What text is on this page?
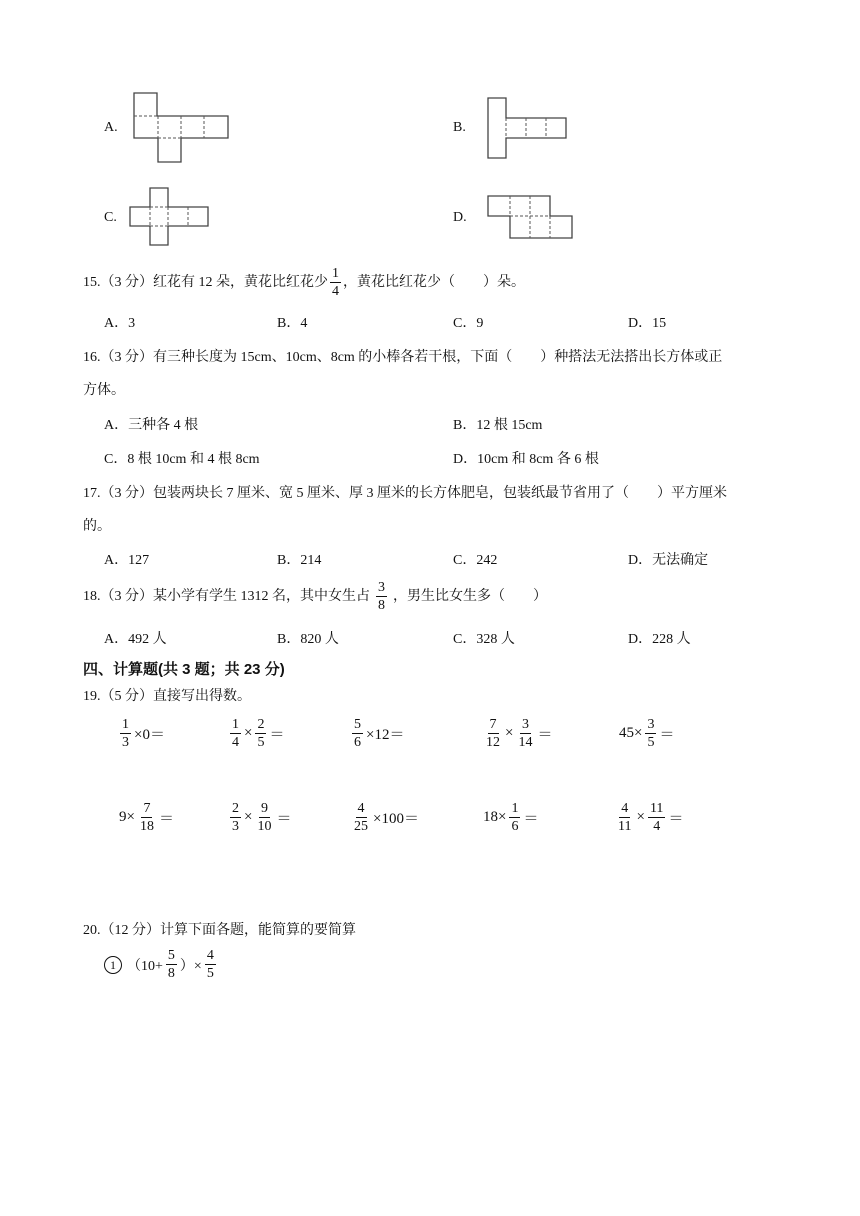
A.	B.
C.	D.
15.（3 分）红花有 12 朵，黄花比红花少 $\frac{1}{4}$ ，黄花比红花少（　　）朵。
A．3	B．4	C．9	D．15
16.（3 分）有三种长度为 15cm、10cm、8cm 的小棒各若干根，下面（　　）种搭法无法搭出长方体或正
方体。
A．三种各 4 根	B．12 根 15cm
C．8 根 10cm 和 4 根 8cm	D．10cm 和 8cm 各 6 根
17.（3 分）包装两块长 7 厘米、宽 5 厘米、厚 3 厘米的长方体肥皂，包装纸最节省用了（　　）平方厘米
的。
A．127	B．214	C．242	D．无法确定
18.（3 分）某小学有学生 1312 名，其中女生占 $\frac{3}{8}$ ，男生比女生多（　　）
A．492 人	B．820 人	C．328 人	D．228 人
四、计算题(共 3 题；共 23 分)
19.（5 分）直接写出得数。
$\frac{1}{3} \times 0=$	$\frac{1}{4} \times \frac{2}{5}$ ＝	$\frac{5}{6} \times 12=$	$\frac{7}{12} \times \frac{3}{14}$ ＝	$45\times \frac{3}{5}$ ＝
$9\times \frac{7}{18}$ ＝	$\frac{2}{3} \times \frac{9}{10}$ ＝	$\frac{4}{25} \times 100=$	$18\times \frac{1}{6}$ ＝	$\frac{4}{11} \times \frac{11}{4}$ ＝
20.（12 分）计算下面各题，能简算的要简算
1 （$10+ \frac{5}{8}$ ）× $\frac{4}{5}$
